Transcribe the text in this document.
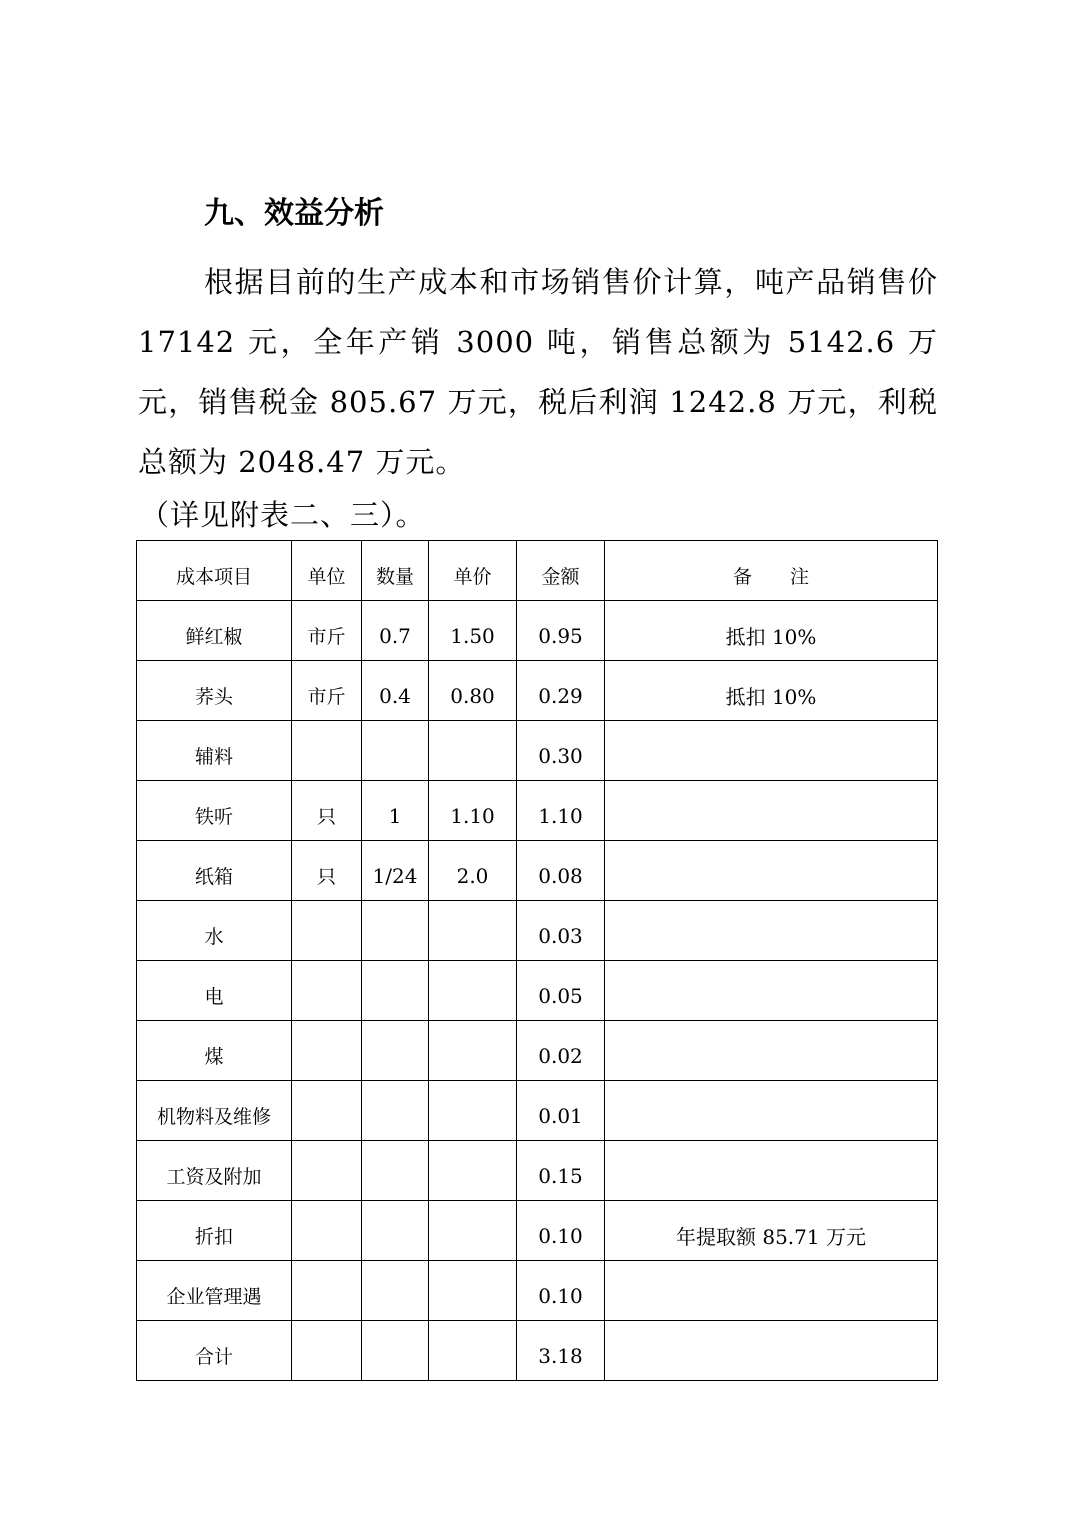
九、效益分析

根据目前的生产成本和市场销售价计算，吨产品销售价 17142 元，全年产销 3000 吨，销售总额为 5142.6 万元，销售税金 805.67 万元，税后利润 1242.8 万元，利税总额为 2048.47 万元。

（详见附表二、三）。

成本项目	单位	数量	单价	金额	备　　注
鲜红椒	市斤	0.7	1.50	0.95	抵扣 10%
荞头	市斤	0.4	0.80	0.29	抵扣 10%
辅料				0.30	
铁听	只	1	1.10	1.10	
纸箱	只	1/24	2.0	0.08	
水				0.03	
电				0.05	
煤				0.02	
机物料及维修				0.01	
工资及附加				0.15	
折扣				0.10	年提取额 85.71 万元
企业管理遇				0.10	
合计				3.18	
